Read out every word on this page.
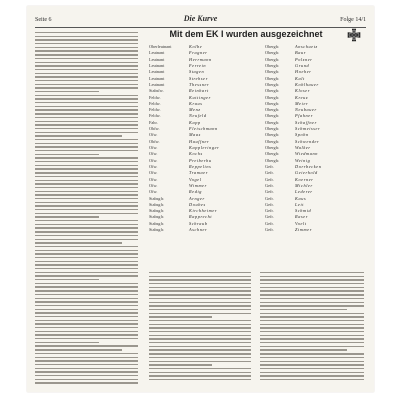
Seite 6	Die Kurve	Folge 14/1
Mit dem EK I wurden ausgezeichnet
Oberleutnant	Kolbe
Leutnant	Fragner
Leutnant	Herrmann
Leutnant	Ferrein
Leutnant	Stagen
Leutnant	Strehser
Leutnant	Thessner
Stabsfw.	Reinhart
Feldw.	Kuttinger
Feldw.	Kraus
Feldw.	Menz
Feldw.	Neufeld
Fahr.	Kapp
Obfw.	Fleischmann
Ofw.	Maas
Obfw.	Hauffner
Ofw.	Kappleringer
Ofw.	Kochs
Ofw.	Preiberhu
Ofw.	Reppelins
Ofw.	Tramaer
Ofw.	Vogel
Ofw.	Wimmer
Ofw.	Redig
Stabsgfr.	Arnger
Stabsgfr.	Doubes
Stabsgfr.	Kirchheimer
Stabsgfr.	Rapprecht
Stabsgfr.	Schraub
Stabsgfr.	Aschner
Obergfr.	Anschuetz
Obergfr.	Baur
Obergfr.	Polzner
Obergfr.	Grund
Obergfr.	Hoeher
Obergfr.	Kalt
Obergfr.	Kohlhauer
Obergfr.	Kloser
Obergfr.	Kreuz
Obergfr.	Meier
Obergfr.	Neubauer
Obergfr.	Pfahner
Obergfr.	Schaffner
Obergfr.	Schmeisser
Obergfr.	Spohn
Obergfr.	Schwender
Obergfr.	Walker
Obergfr.	Wiedmann
Obergfr.	Weinig
Gefr.	Dorrbecken
Gefr.	Geierhold
Gefr.	Koerner
Gefr.	Michler
Gefr.	Lederer
Gefr.	Kaus
Gefr.	Leit
Gefr.	Schmid
Gefr.	Raser
Gefr.	Voelt
Gefr.	Zimmer
